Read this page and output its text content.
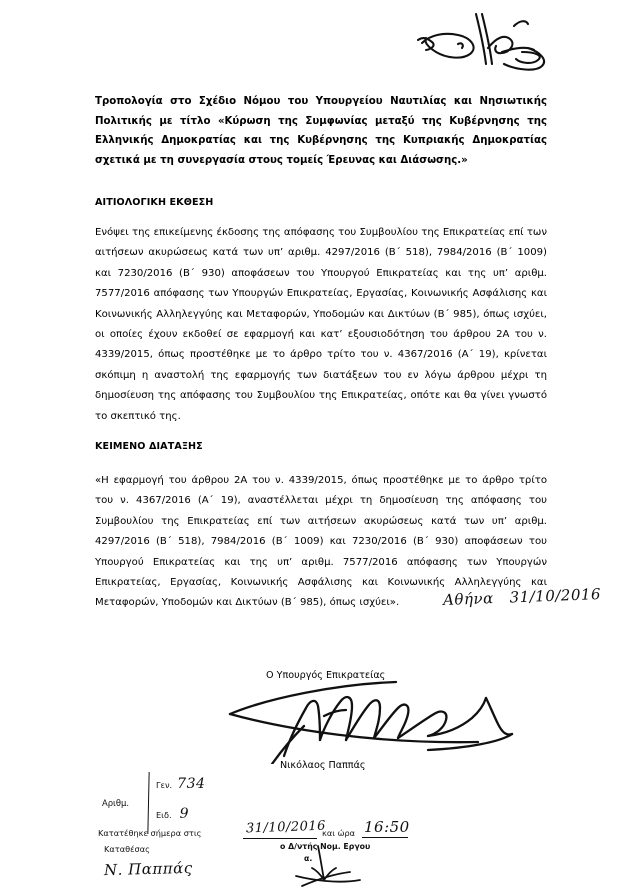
Τροπολογία στο Σχέδιο Νόμου του Υπουργείου Ναυτιλίας και Νησιωτικής Πολιτικής με τίτλο «Κύρωση της Συμφωνίας μεταξύ της Κυβέρνησης της Ελληνικής Δημοκρατίας και της Κυβέρνησης της Κυπριακής Δημοκρατίας σχετικά με τη συνεργασία στους τομείς Έρευνας και Διάσωσης.»
ΑΙΤΙΟΛΟΓΙΚΗ ΕΚΘΕΣΗ
Ενόψει της επικείμενης έκδοσης της απόφασης του Συμβουλίου της Επικρατείας επί των αιτήσεων ακυρώσεως κατά των υπ’ αριθμ. 4297/2016 (Β΄ 518), 7984/2016 (Β΄ 1009) και 7230/2016 (Β΄ 930) αποφάσεων του Υπουργού Επικρατείας και της υπ’ αριθμ. 7577/2016 απόφασης των Υπουργών Επικρατείας, Εργασίας, Κοινωνικής Ασφάλισης και Κοινωνικής Αλληλεγγύης και Μεταφορών, Υποδομών και Δικτύων (Β΄ 985), όπως ισχύει, οι οποίες έχουν εκδοθεί σε εφαρμογή και κατ’ εξουσιοδότηση του άρθρου 2Α του ν. 4339/2015, όπως προστέθηκε με το άρθρο τρίτο του ν. 4367/2016 (Α΄ 19), κρίνεται σκόπιμη η αναστολή της εφαρμογής των διατάξεων του εν λόγω άρθρου μέχρι τη δημοσίευση της απόφασης του Συμβουλίου της Επικρατείας, οπότε και θα γίνει γνωστό το σκεπτικό της.
ΚΕΙΜΕΝΟ ΔΙΑΤΑΞΗΣ
«Η εφαρμογή του άρθρου 2Α του ν. 4339/2015, όπως προστέθηκε με το άρθρο τρίτο του ν. 4367/2016 (Α΄ 19), αναστέλλεται μέχρι τη δημοσίευση της απόφασης του Συμβουλίου της Επικρατείας επί των αιτήσεων ακυρώσεως κατά των υπ’ αριθμ. 4297/2016 (Β΄ 518), 7984/2016 (Β΄ 1009) και 7230/2016 (Β΄ 930) αποφάσεων του Υπουργού Επικρατείας και της υπ’ αριθμ. 7577/2016 απόφασης των Υπουργών Επικρατείας, Εργασίας, Κοινωνικής Ασφάλισης και Κοινωνικής Αλληλεγγύης και Μεταφορών, Υποδομών και Δικτύων (Β΄ 985), όπως ισχύει».	Αθήνα 31/10/2016
Ο Υπουργός Επικρατείας
Νικόλαος Παππάς
Αριθμ.
Γεν. 734
Ειδ. 9
Κατατέθηκε σήμερα στις	31/10/2016
και ώρα 16:50
ο Δ/ντής Νομ. Εργου
α.
Καταθέσας
Ν. Παππάς
